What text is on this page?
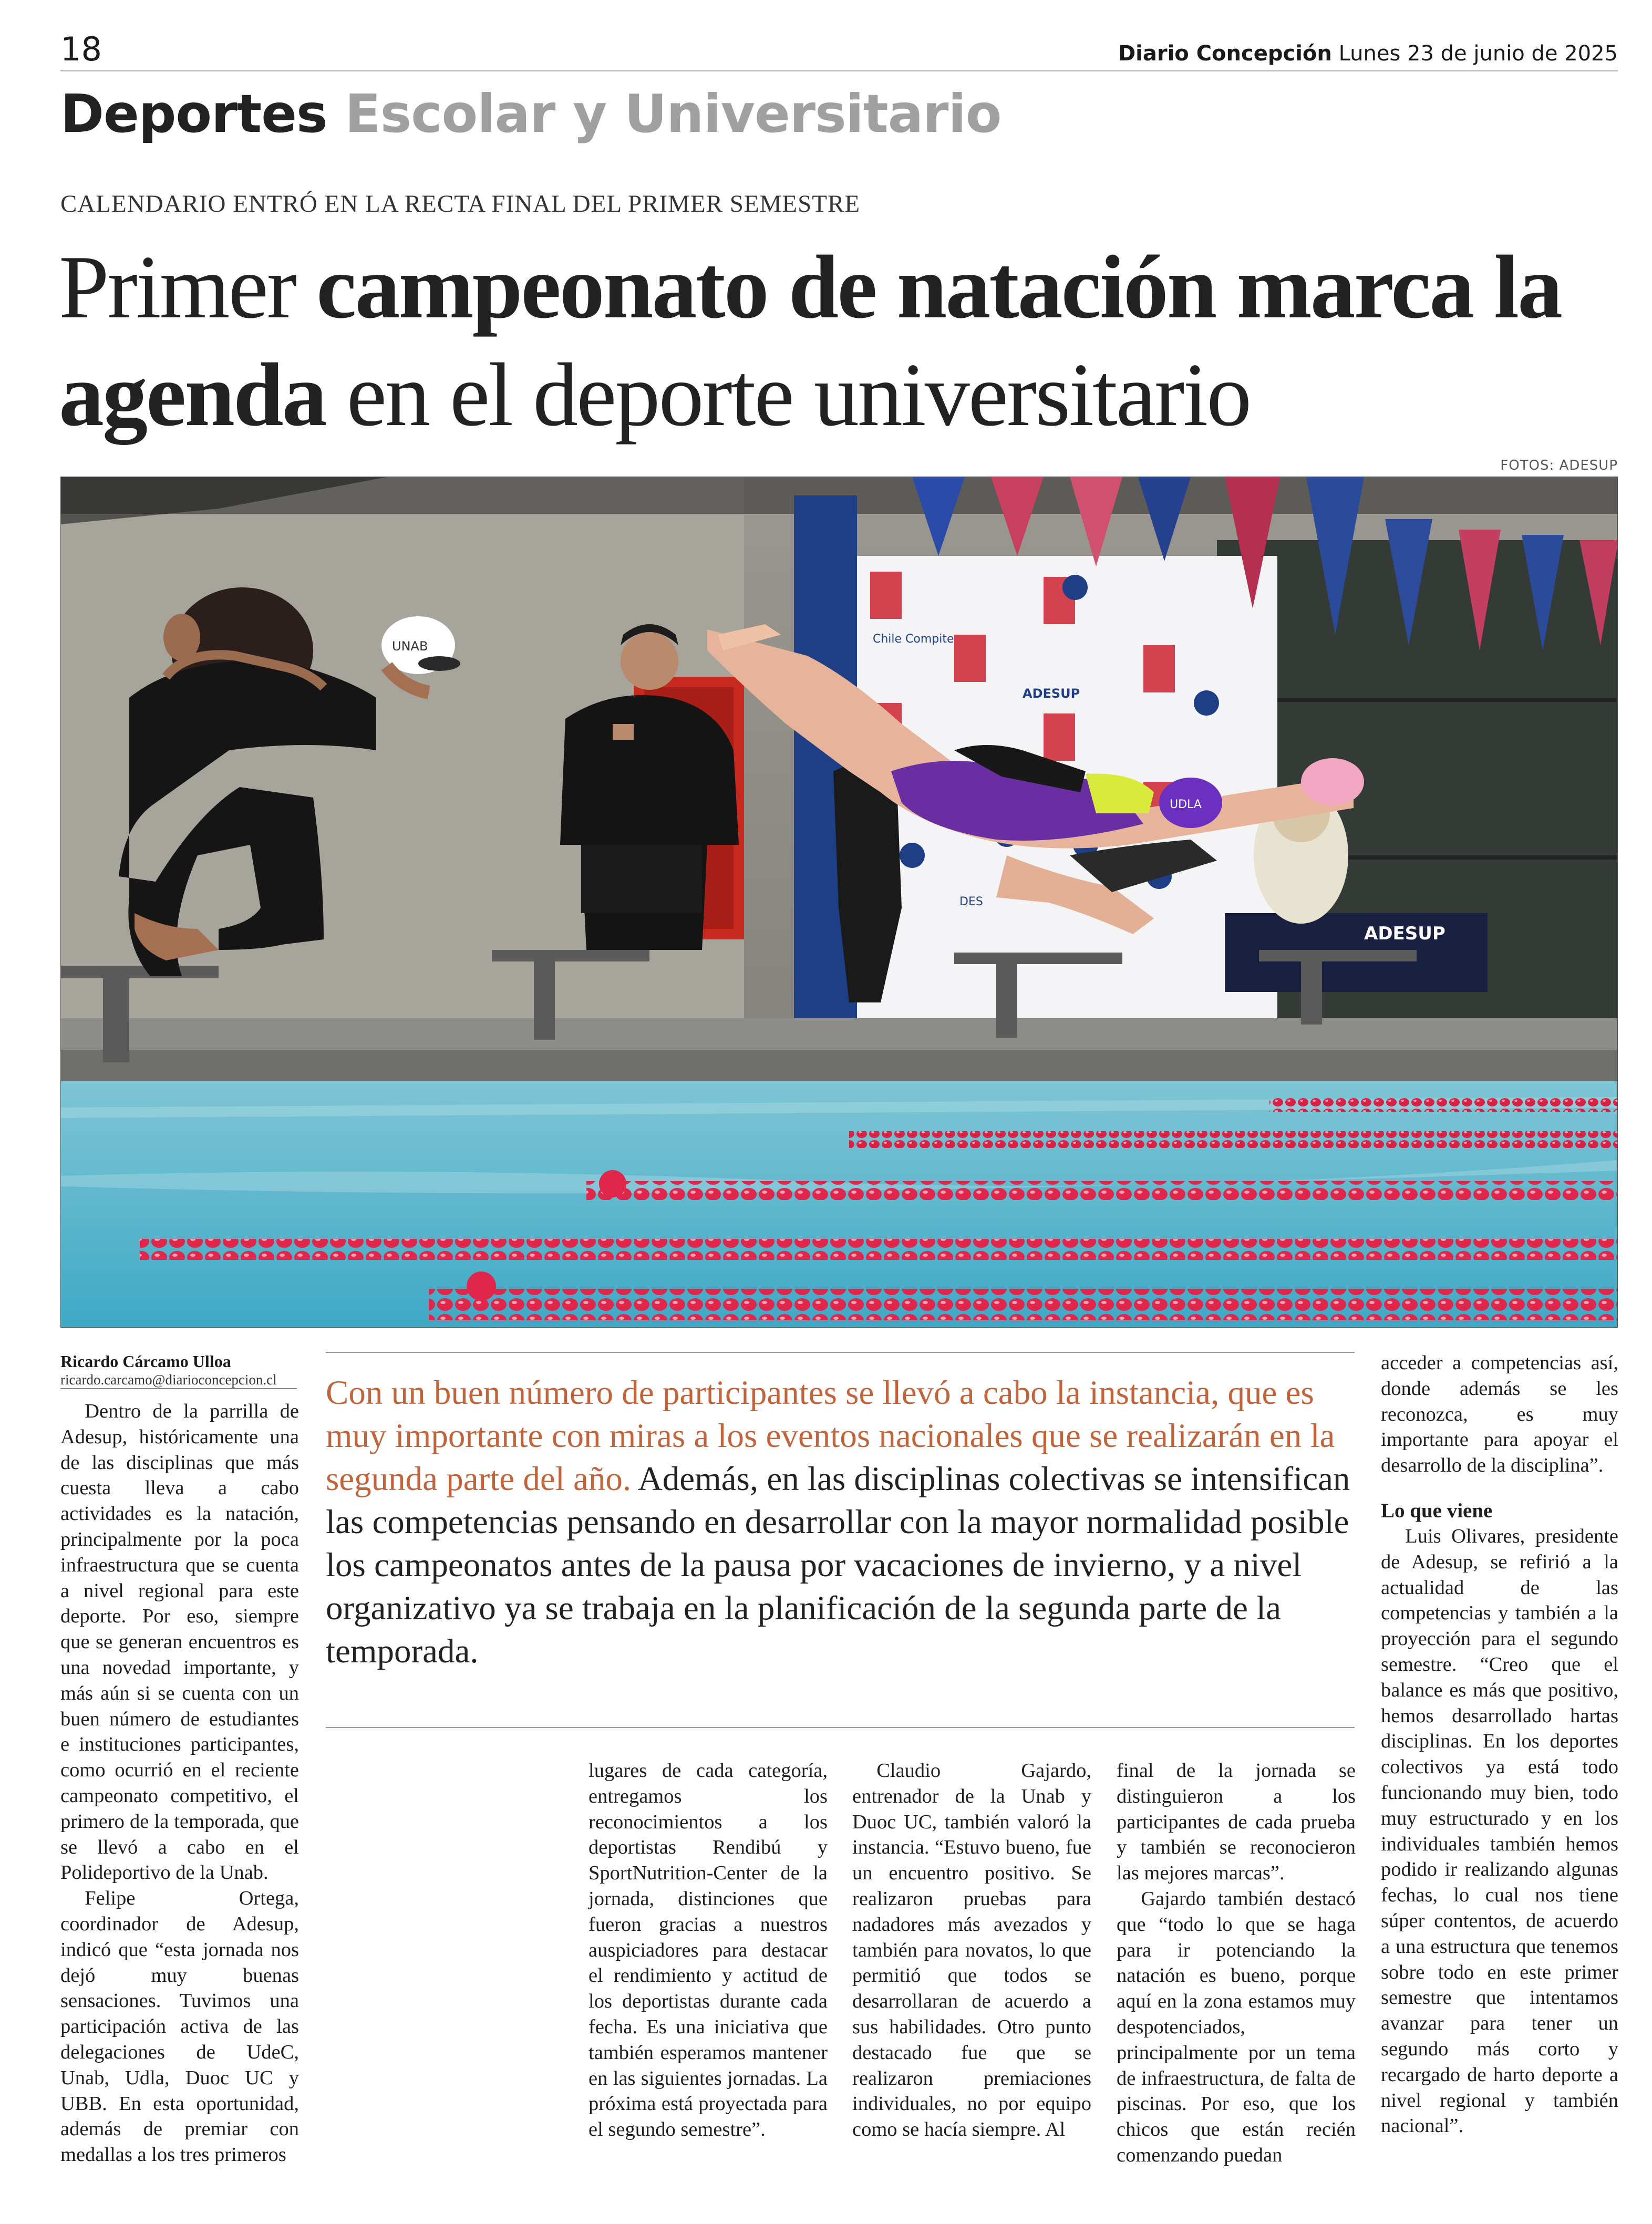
18	Diario Concepción Lunes 23 de junio de 2025
Deportes Escolar y Universitario
CALENDARIO ENTRÓ EN LA RECTA FINAL DEL PRIMER SEMESTRE
Primer campeonato de natación marca la agenda en el deporte universitario
FOTOS: ADESUP
Chile Compite
ADESUP
DES
ADESUP
UNAB
UDLA
Ricardo Cárcamo Ulloa
ricardo.carcamo@diarioconcepcion.cl

Dentro de la parrilla de Adesup, históricamente una de las disciplinas que más cuesta lleva a cabo actividades es la natación, principalmente por la poca infraestructura que se cuenta a nivel regional para este deporte. Por eso, siempre que se generan encuentros es una novedad importante, y más aún si se cuenta con un buen número de estudiantes e instituciones participantes, como ocurrió en el reciente campeonato competitivo, el primero de la temporada, que se llevó a cabo en el Polideportivo de la Unab.

Felipe Ortega, coordinador de Adesup, indicó que “esta jornada nos dejó muy buenas sensaciones. Tuvimos una participación activa de las delegaciones de UdeC, Unab, Udla, Duoc UC y UBB. En esta oportunidad, además de premiar con medallas a los tres primeros

Con un buen número de participantes se llevó a cabo la instancia, que es muy importante con miras a los eventos nacionales que se realizarán en la segunda parte del año. Además, en las disciplinas colectivas se intensifican las competencias pensando en desarrollar con la mayor normalidad posible los campeonatos antes de la pausa por vacaciones de invierno, y a nivel organizativo ya se trabaja en la planificación de la segunda parte de la temporada.

lugares de cada categoría, entregamos los reconocimientos a los deportistas Rendibú y SportNutrition-Center de la jornada, distinciones que fueron gracias a nuestros auspiciadores para destacar el rendimiento y actitud de los deportistas durante cada fecha. Es una iniciativa que también esperamos mantener en las siguientes jornadas. La próxima está proyectada para el segundo semestre”.

Claudio Gajardo, entrenador de la Unab y Duoc UC, también valoró la instancia. “Estuvo bueno, fue un encuentro positivo. Se realizaron pruebas para nadadores más avezados y también para novatos, lo que permitió que todos se desarrollaran de acuerdo a sus habilidades. Otro punto destacado fue que se realizaron premiaciones individuales, no por equipo como se hacía siempre. Al

final de la jornada se distinguieron a los participantes de cada prueba y también se reconocieron las mejores marcas”.

Gajardo también destacó que “todo lo que se haga para ir potenciando la natación es bueno, porque aquí en la zona estamos muy despotenciados, principalmente por un tema de infraestructura, de falta de piscinas. Por eso, que los chicos que están recién comenzando puedan

acceder a competencias así, donde además se les reconozca, es muy importante para apoyar el desarrollo de la disciplina”.

Lo que viene

Luis Olivares, presidente de Adesup, se refirió a la actualidad de las competencias y también a la proyección para el segundo semestre. “Creo que el balance es más que positivo, hemos desarrollado hartas disciplinas. En los deportes colectivos ya está todo funcionando muy bien, todo muy estructurado y en los individuales también hemos podido ir realizando algunas fechas, lo cual nos tiene súper contentos, de acuerdo a una estructura que tenemos sobre todo en este primer semestre que intentamos avanzar para tener un segundo más corto y recargado de harto deporte a nivel regional y también nacional”.
